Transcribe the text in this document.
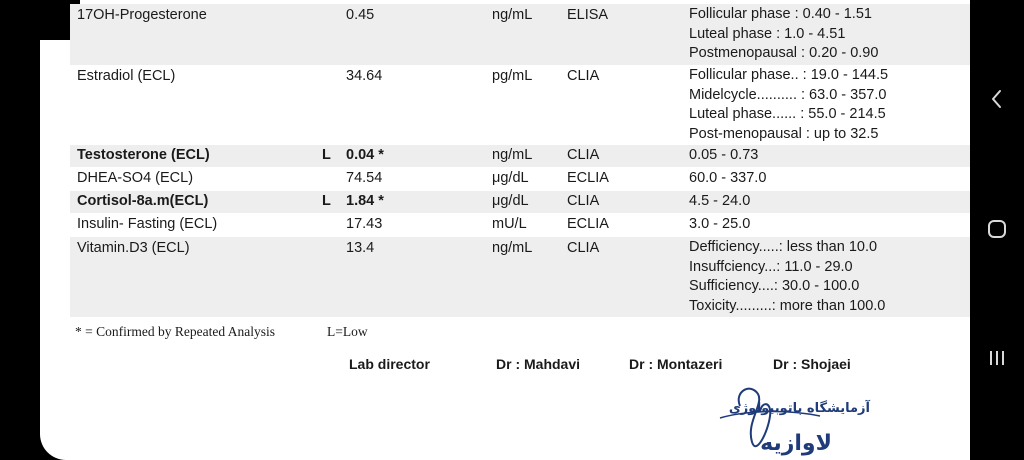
17OH-Progesterone	0.45	ng/mL ELISA	Follicular phase : 0.40 - 1.51
Luteal phase : 1.0 - 4.51
Postmenopausal : 0.20 - 0.90
Estradiol (ECL)	34.64	pg/mL CLIA	Follicular phase.. : 19.0 - 144.5
Midelcycle.......... : 63.0 - 357.0
Luteal phase...... : 55.0 - 214.5
Post-menopausal : up to 32.5
Testosterone (ECL)	L 0.04 *	ng/mL CLIA	0.05 - 0.73
DHEA-SO4 (ECL)	74.54	μg/dL	ECLIA	60.0 - 337.0
Cortisol-8a.m(ECL)	L 1.84 *	μg/dL	CLIA	4.5 - 24.0
Insulin- Fasting (ECL)	17.43	mU/L	ECLIA	3.0 - 25.0
Vitamin.D3 (ECL)	13.4	ng/mL CLIA	Defficiency.....: less than 10.0
Insuffciency...: 11.0 - 29.0
Sufficiency....: 30.0 - 100.0
Toxicity.........: more than 100.0
* = Confirmed by Repeated Analysis	L=Low
Lab director	Dr : Mahdavi	Dr : Montazeri	Dr : Shojaei
آزمایشگاه پاتوبیولوژی
لاوازیه
